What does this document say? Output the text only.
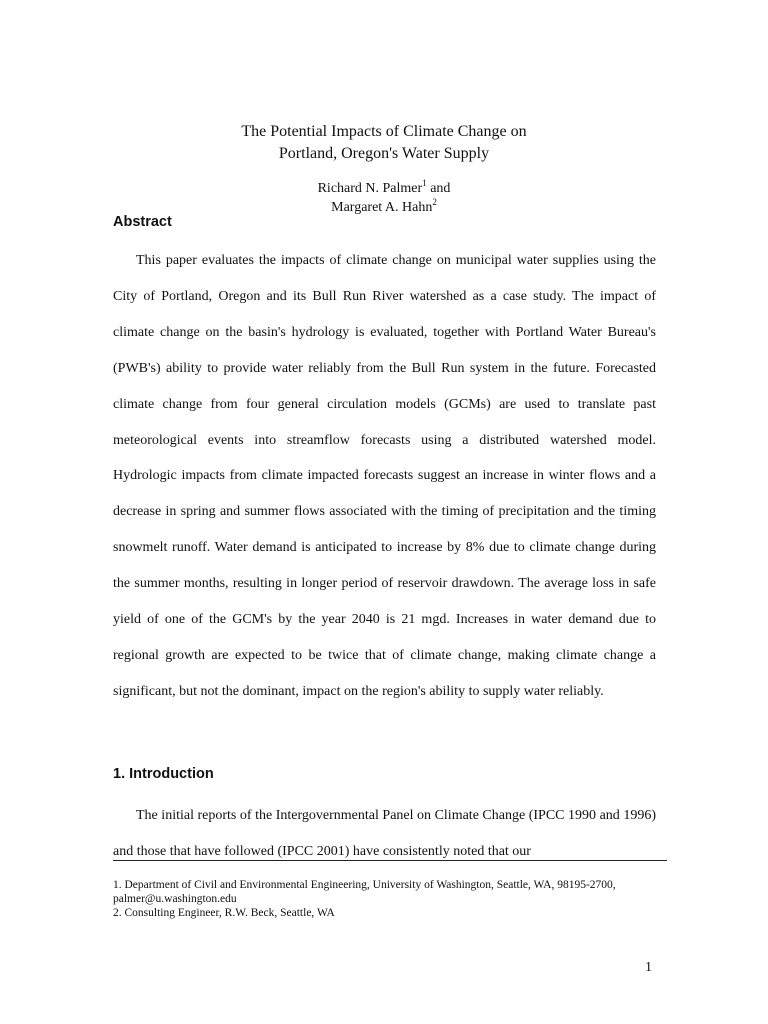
The Potential Impacts of Climate Change on
Portland, Oregon's Water Supply
Richard N. Palmer$^1$ and
Margaret A. Hahn$^2$
Abstract

This paper evaluates the impacts of climate change on municipal water supplies using the City of Portland, Oregon and its Bull Run River watershed as a case study. The impact of climate change on the basin's hydrology is evaluated, together with Portland Water Bureau's (PWB's) ability to provide water reliably from the Bull Run system in the future. Forecasted climate change from four general circulation models (GCMs) are used to translate past meteorological events into streamflow forecasts using a distributed watershed model. Hydrologic impacts from climate impacted forecasts suggest an increase in winter flows and a decrease in spring and summer flows associated with the timing of precipitation and the timing snowmelt runoff. Water demand is anticipated to increase by 8% due to climate change during the summer months, resulting in longer period of reservoir drawdown. The average loss in safe yield of one of the GCM's by the year 2040 is 21 mgd. Increases in water demand due to regional growth are expected to be twice that of climate change, making climate change a significant, but not the dominant, impact on the region's ability to supply water reliably.

1. Introduction

The initial reports of the Intergovernmental Panel on Climate Change (IPCC 1990 and 1996) and those that have followed (IPCC 2001) have consistently noted that our

1. Department of Civil and Environmental Engineering, University of Washington, Seattle, WA, 98195-2700, palmer@u.washington.edu
2. Consulting Engineer, R.W. Beck, Seattle, WA
1
